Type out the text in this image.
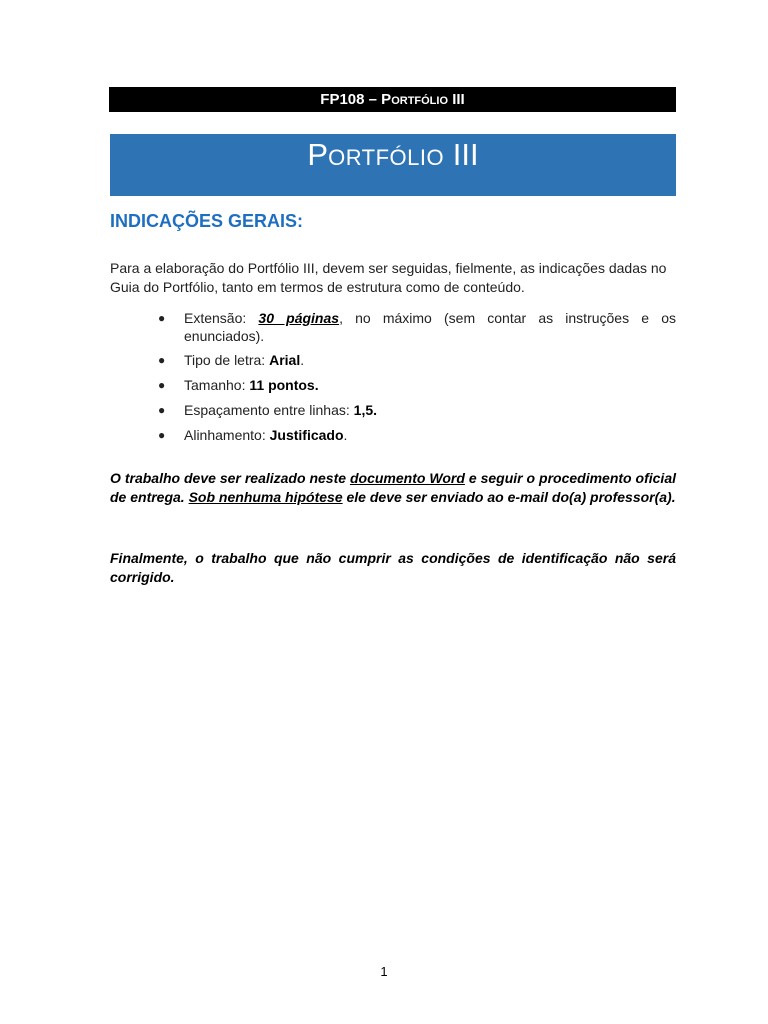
FP108 – PORTFÓLIO III
PORTFÓLIO III
INDICAÇÕES GERAIS:
Para a elaboração do Portfólio III, devem ser seguidas, fielmente, as indicações dadas no Guia do Portfólio, tanto em termos de estrutura como de conteúdo.
● Extensão: 30 páginas, no máximo (sem contar as instruções e os enunciados).
● Tipo de letra: Arial.
● Tamanho: 11 pontos.
● Espaçamento entre linhas: 1,5.
● Alinhamento: Justificado.
O trabalho deve ser realizado neste documento Word e seguir o procedimento oficial de entrega. Sob nenhuma hipótese ele deve ser enviado ao e-mail do(a) professor(a).
Finalmente, o trabalho que não cumprir as condições de identificação não será corrigido.
1
